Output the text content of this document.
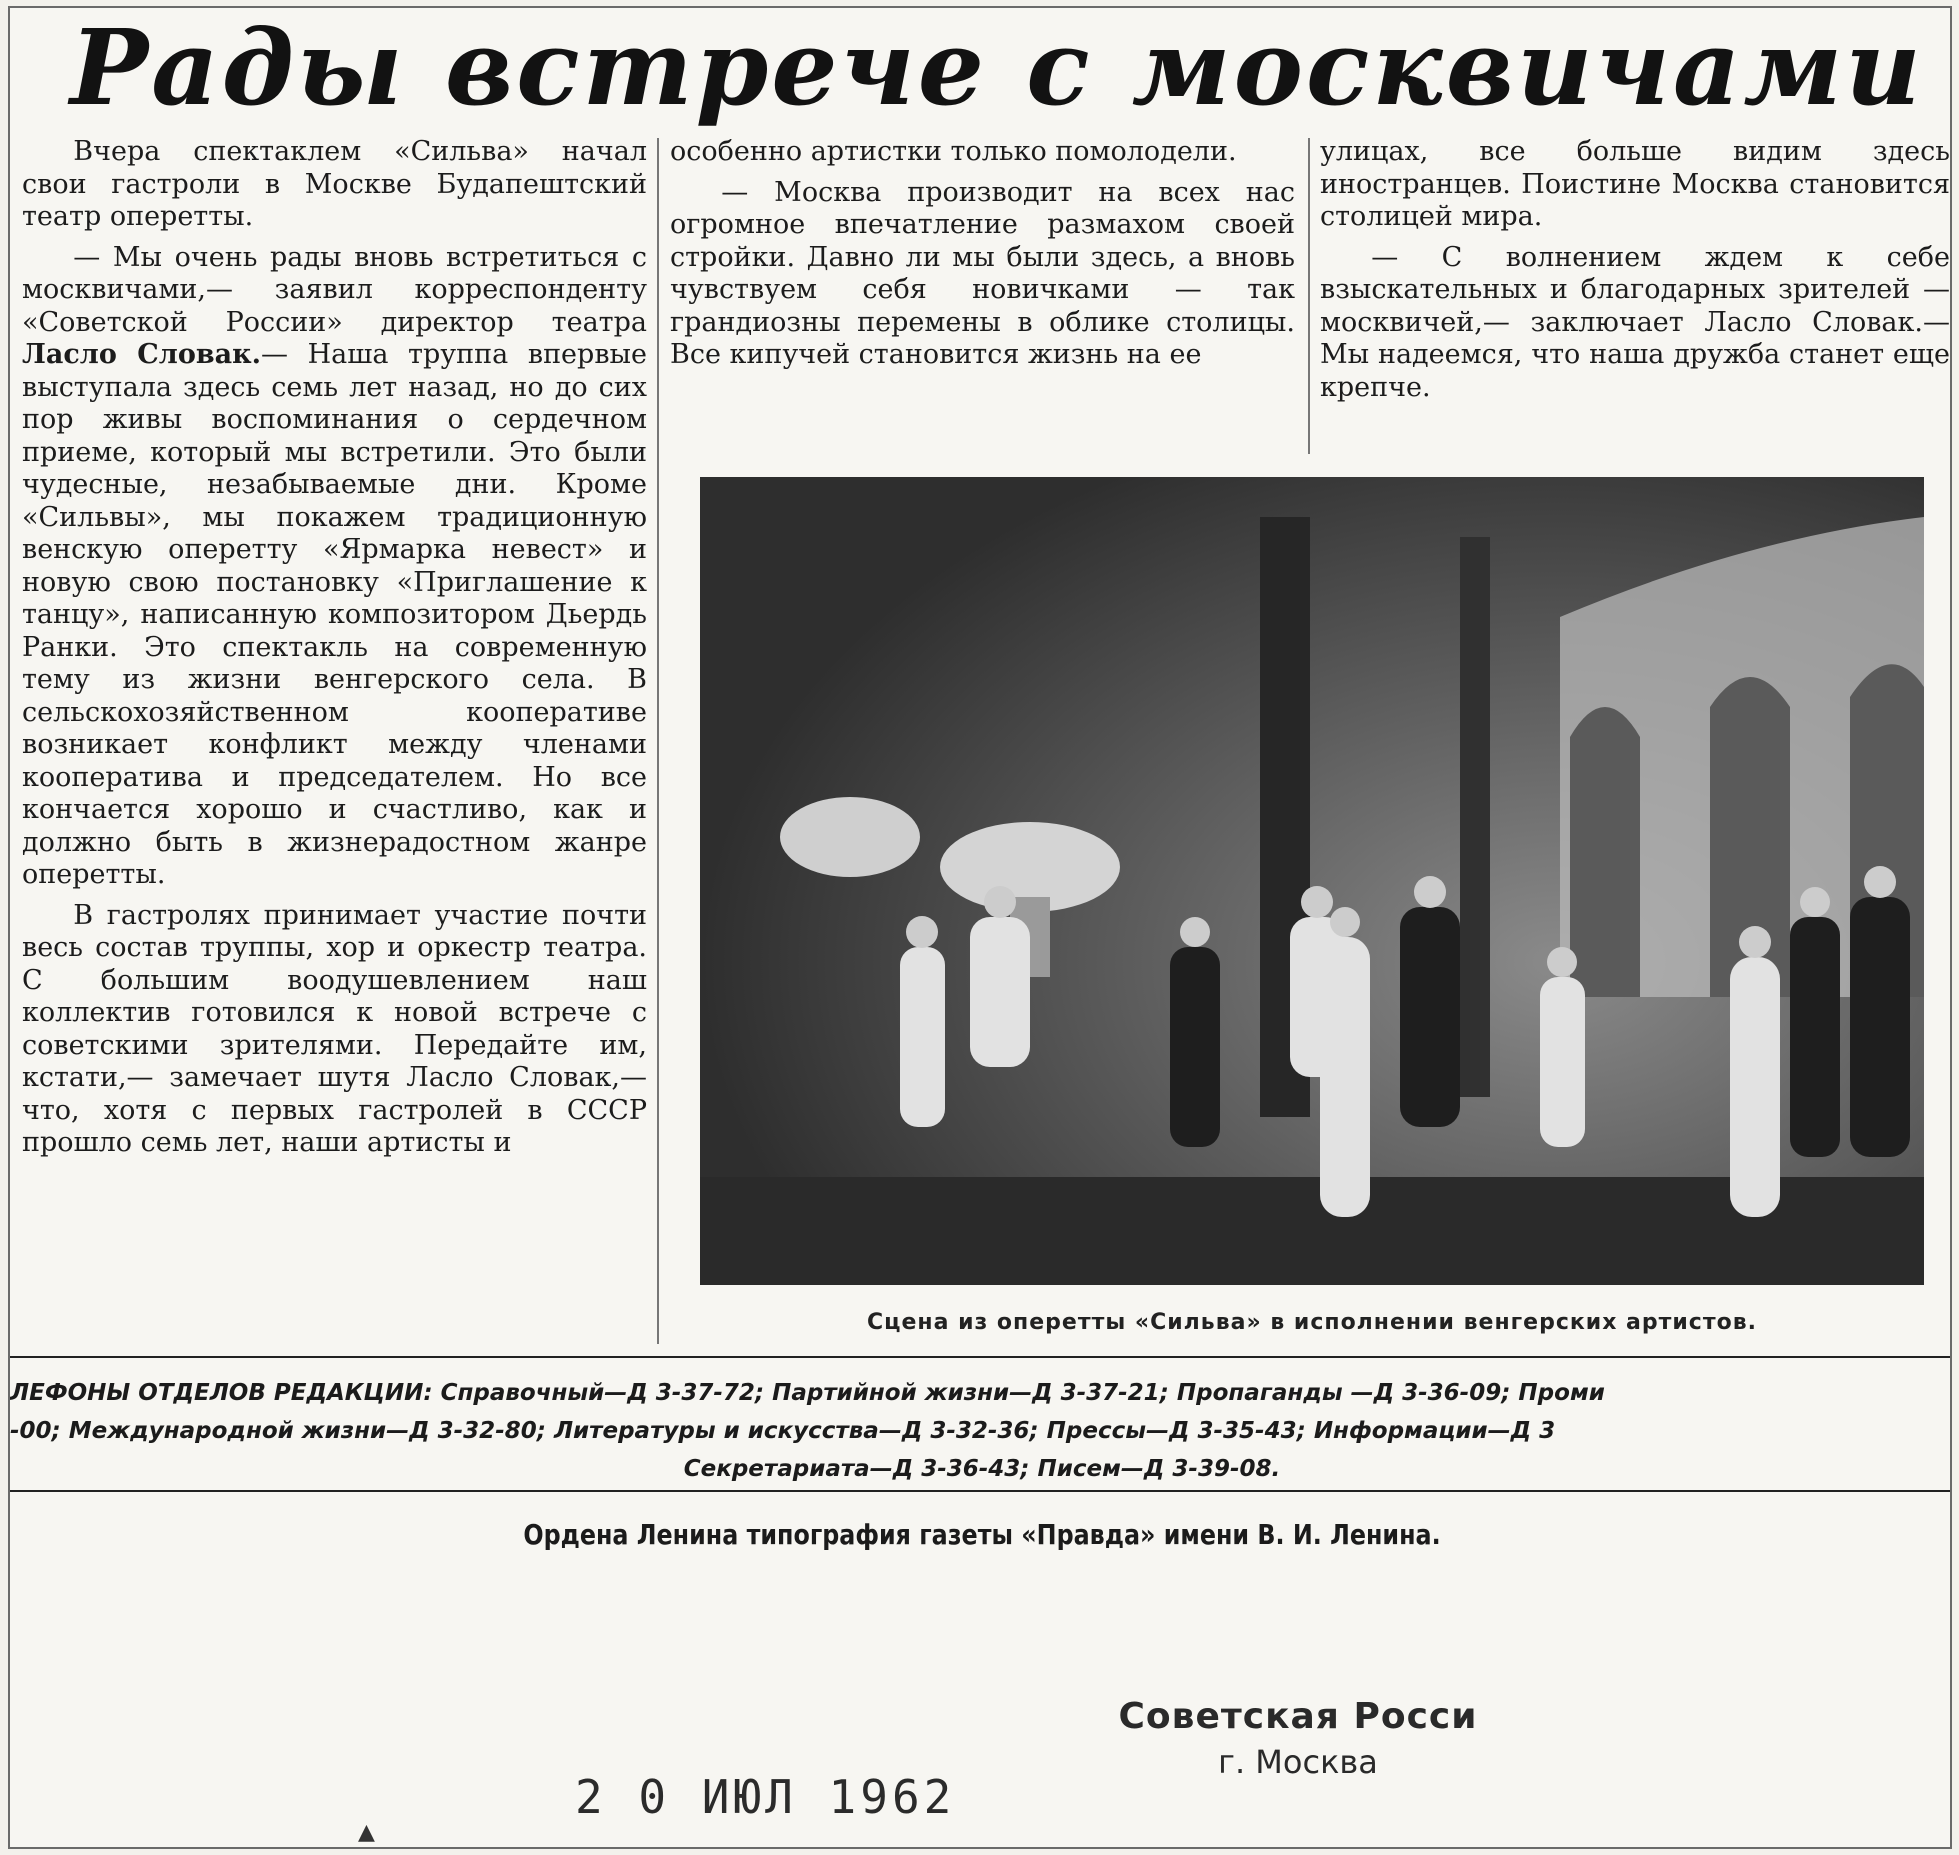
Рады встрече с москвичами

Вчера спектаклем «Сильва» начал свои гастроли в Москве Будапештский театр оперетты.

— Мы очень рады вновь встретиться с москвичами,— заявил корреспонденту «Советской России» директор театра Ласло Словак.— Наша труппа впервые выступала здесь семь лет назад, но до сих пор живы воспоминания о сердечном приеме, который мы встретили. Это были чудесные, незабываемые дни. Кроме «Сильвы», мы покажем традиционную венскую оперетту «Ярмарка невест» и новую свою постановку «Приглашение к танцу», написанную композитором Дьердь Ранки. Это спектакль на современную тему из жизни венгерского села. В сельскохозяйственном кооперативе возникает конфликт между членами кооператива и председателем. Но все кончается хорошо и счастливо, как и должно быть в жизнерадостном жанре оперетты.

В гастролях принимает участие почти весь состав труппы, хор и оркестр театра. С большим воодушевлением наш коллектив готовился к новой встрече с советскими зрителями. Передайте им, кстати,— замечает шутя Ласло Словак,— что, хотя с первых гастролей в СССР прошло семь лет, наши артисты и

особенно артистки только помолодели.

— Москва производит на всех нас огромное впечатление размахом своей стройки. Давно ли мы были здесь, а вновь чувствуем себя новичками — так грандиозны перемены в облике столицы. Все кипучей становится жизнь на ее

улицах, все больше видим здесь иностранцев. Поистине Москва становится столицей мира.

— С волнением ждем к себе взыскательных и благодарных зрителей — москвичей,— заключает Ласло Словак.— Мы надеемся, что наша дружба станет еще крепче.

Сцена из оперетты «Сильва» в исполнении венгерских артистов.
ЛЕФОНЫ ОТДЕЛОВ РЕДАКЦИИ: Справочный—Д 3-37-72; Партийной жизни—Д 3-37-21; Пропаганды —Д 3-36-09; Проми
-00; Международной жизни—Д 3-32-80; Литературы и искусства—Д 3-32-36; Прессы—Д 3-35-43; Информации—Д 3
Секретариата—Д 3-36-43; Писем—Д 3-39-08.
Ордена Ленина типография газеты «Правда» имени В. И. Ленина.
Советская Росси
г. Москва
2 0 ИЮЛ 1962
▲
